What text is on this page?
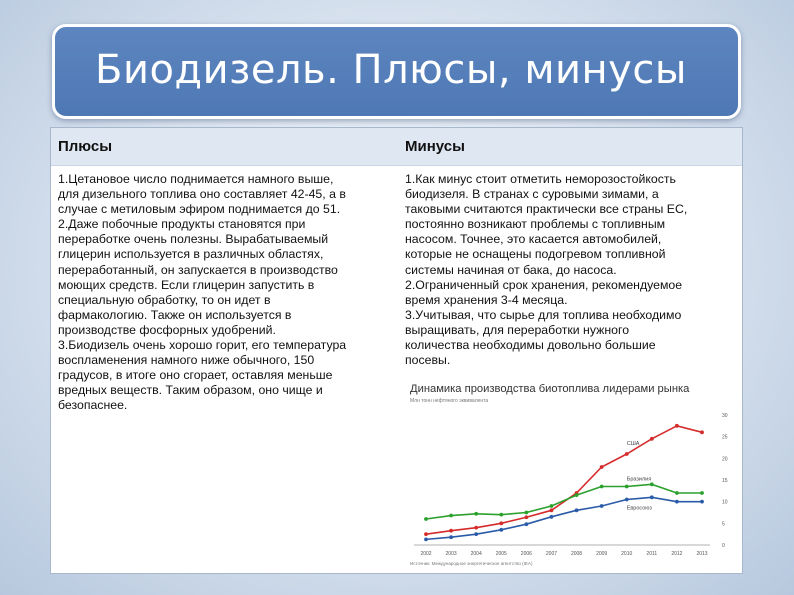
Биодизель. Плюсы, минусы
Плюсы	Минусы
1.Цетановое число поднимается намного выше,
для дизельного топлива оно составляет 42-45, а в
случае с метиловым эфиром поднимается до 51.
2.Даже побочные продукты становятся при
переработке очень полезны. Вырабатываемый
глицерин используется в различных областях,
переработанный, он запускается в производство
моющих средств. Если глицерин запустить в
специальную обработку, то он идет в
фармакологию. Также он используется в
производстве фосфорных удобрений.
3.Биодизель очень хорошо горит, его температура
воспламенения намного ниже обычного, 150
градусов, в итоге оно сгорает, оставляя меньше
вредных веществ. Таким образом, оно чище и
безопаснее.
1.Как минус стоит отметить неморозостойкость
биодизеля. В странах с суровыми зимами, а
таковыми считаются практически все страны ЕС,
постоянно возникают проблемы с топливным
насосом. Точнее, это касается автомобилей,
которые не оснащены подогревом топливной
системы начиная от бака, до насоса.
2.Ограниченный срок хранения, рекомендуемое
время хранения 3-4 месяца.
3.Учитывая, что сырье для топлива необходимо
выращивать, для переработки нужного
количества необходимы довольно большие
посевы.
Динамика производства биотоплива лидерами рынка
Млн тонн нефтяного эквивалента
2002	2003	2004	2005	2006	2007	2008	2009	2010	2011	2012	2013
0
5
10
15
20
25
30
США
Бразилия
Евросоюз
Источник: Международное энергетическое агентство (IEA)
